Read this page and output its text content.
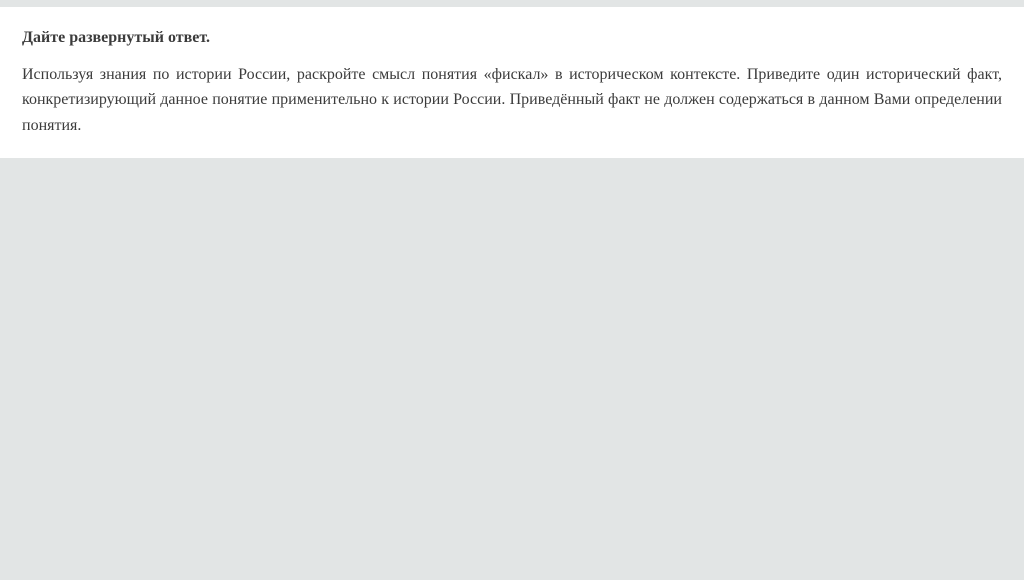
Дайте развернутый ответ.

Используя знания по истории России, раскройте смысл понятия «фискал» в историческом контексте. Приведите один исторический факт, конкретизирующий данное понятие применительно к истории России. Приведённый факт не должен содержаться в данном Вами определении понятия.
